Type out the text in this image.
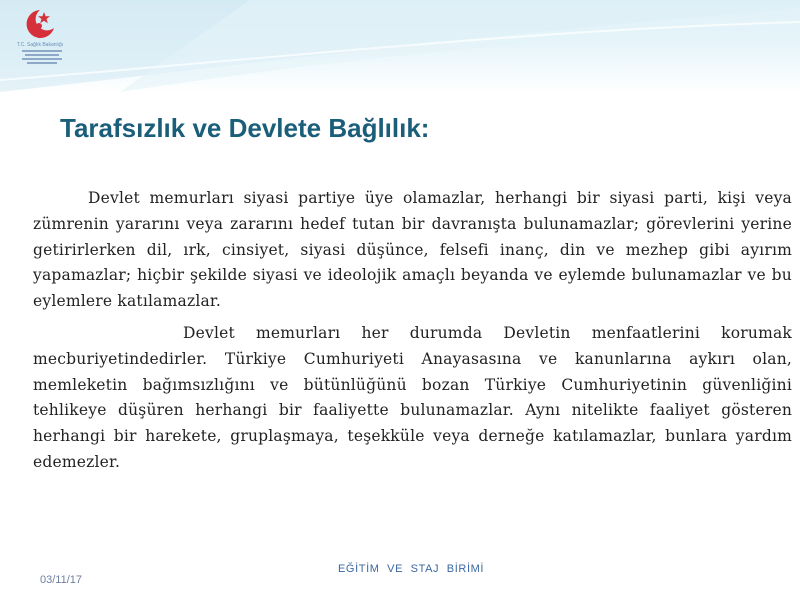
T.C. Sağlık Bakanlığı
Tarafsızlık ve Devlete Bağlılık:

Devlet memurları siyasi partiye üye olamazlar, herhangi bir siyasi parti, kişi veya zümrenin yararını veya zararını hedef tutan bir davranışta bulunamazlar; görevlerini yerine getirirlerken dil, ırk, cinsiyet, siyasi düşünce, felsefi inanç, din ve mezhep gibi ayırım yapamazlar; hiçbir şekilde siyasi ve ideolojik amaçlı beyanda ve eylemde bulunamazlar ve bu eylemlere katılamazlar.

Devlet memurları her durumda Devletin menfaatlerini korumak mecburiyetindedirler. Türkiye Cumhuriyeti Anayasasına ve kanunlarına aykırı olan, memleketin bağımsızlığını ve bütünlüğünü bozan Türkiye Cumhuriyetinin güvenliğini tehlikeye düşüren herhangi bir faaliyette bulunamazlar. Aynı nitelikte faaliyet gösteren herhangi bir harekete, gruplaşmaya, teşekküle veya derneğe katılamazlar, bunlara yardım edemezler.

EĞİTİM VE STAJ BİRİMİ
03/11/17
